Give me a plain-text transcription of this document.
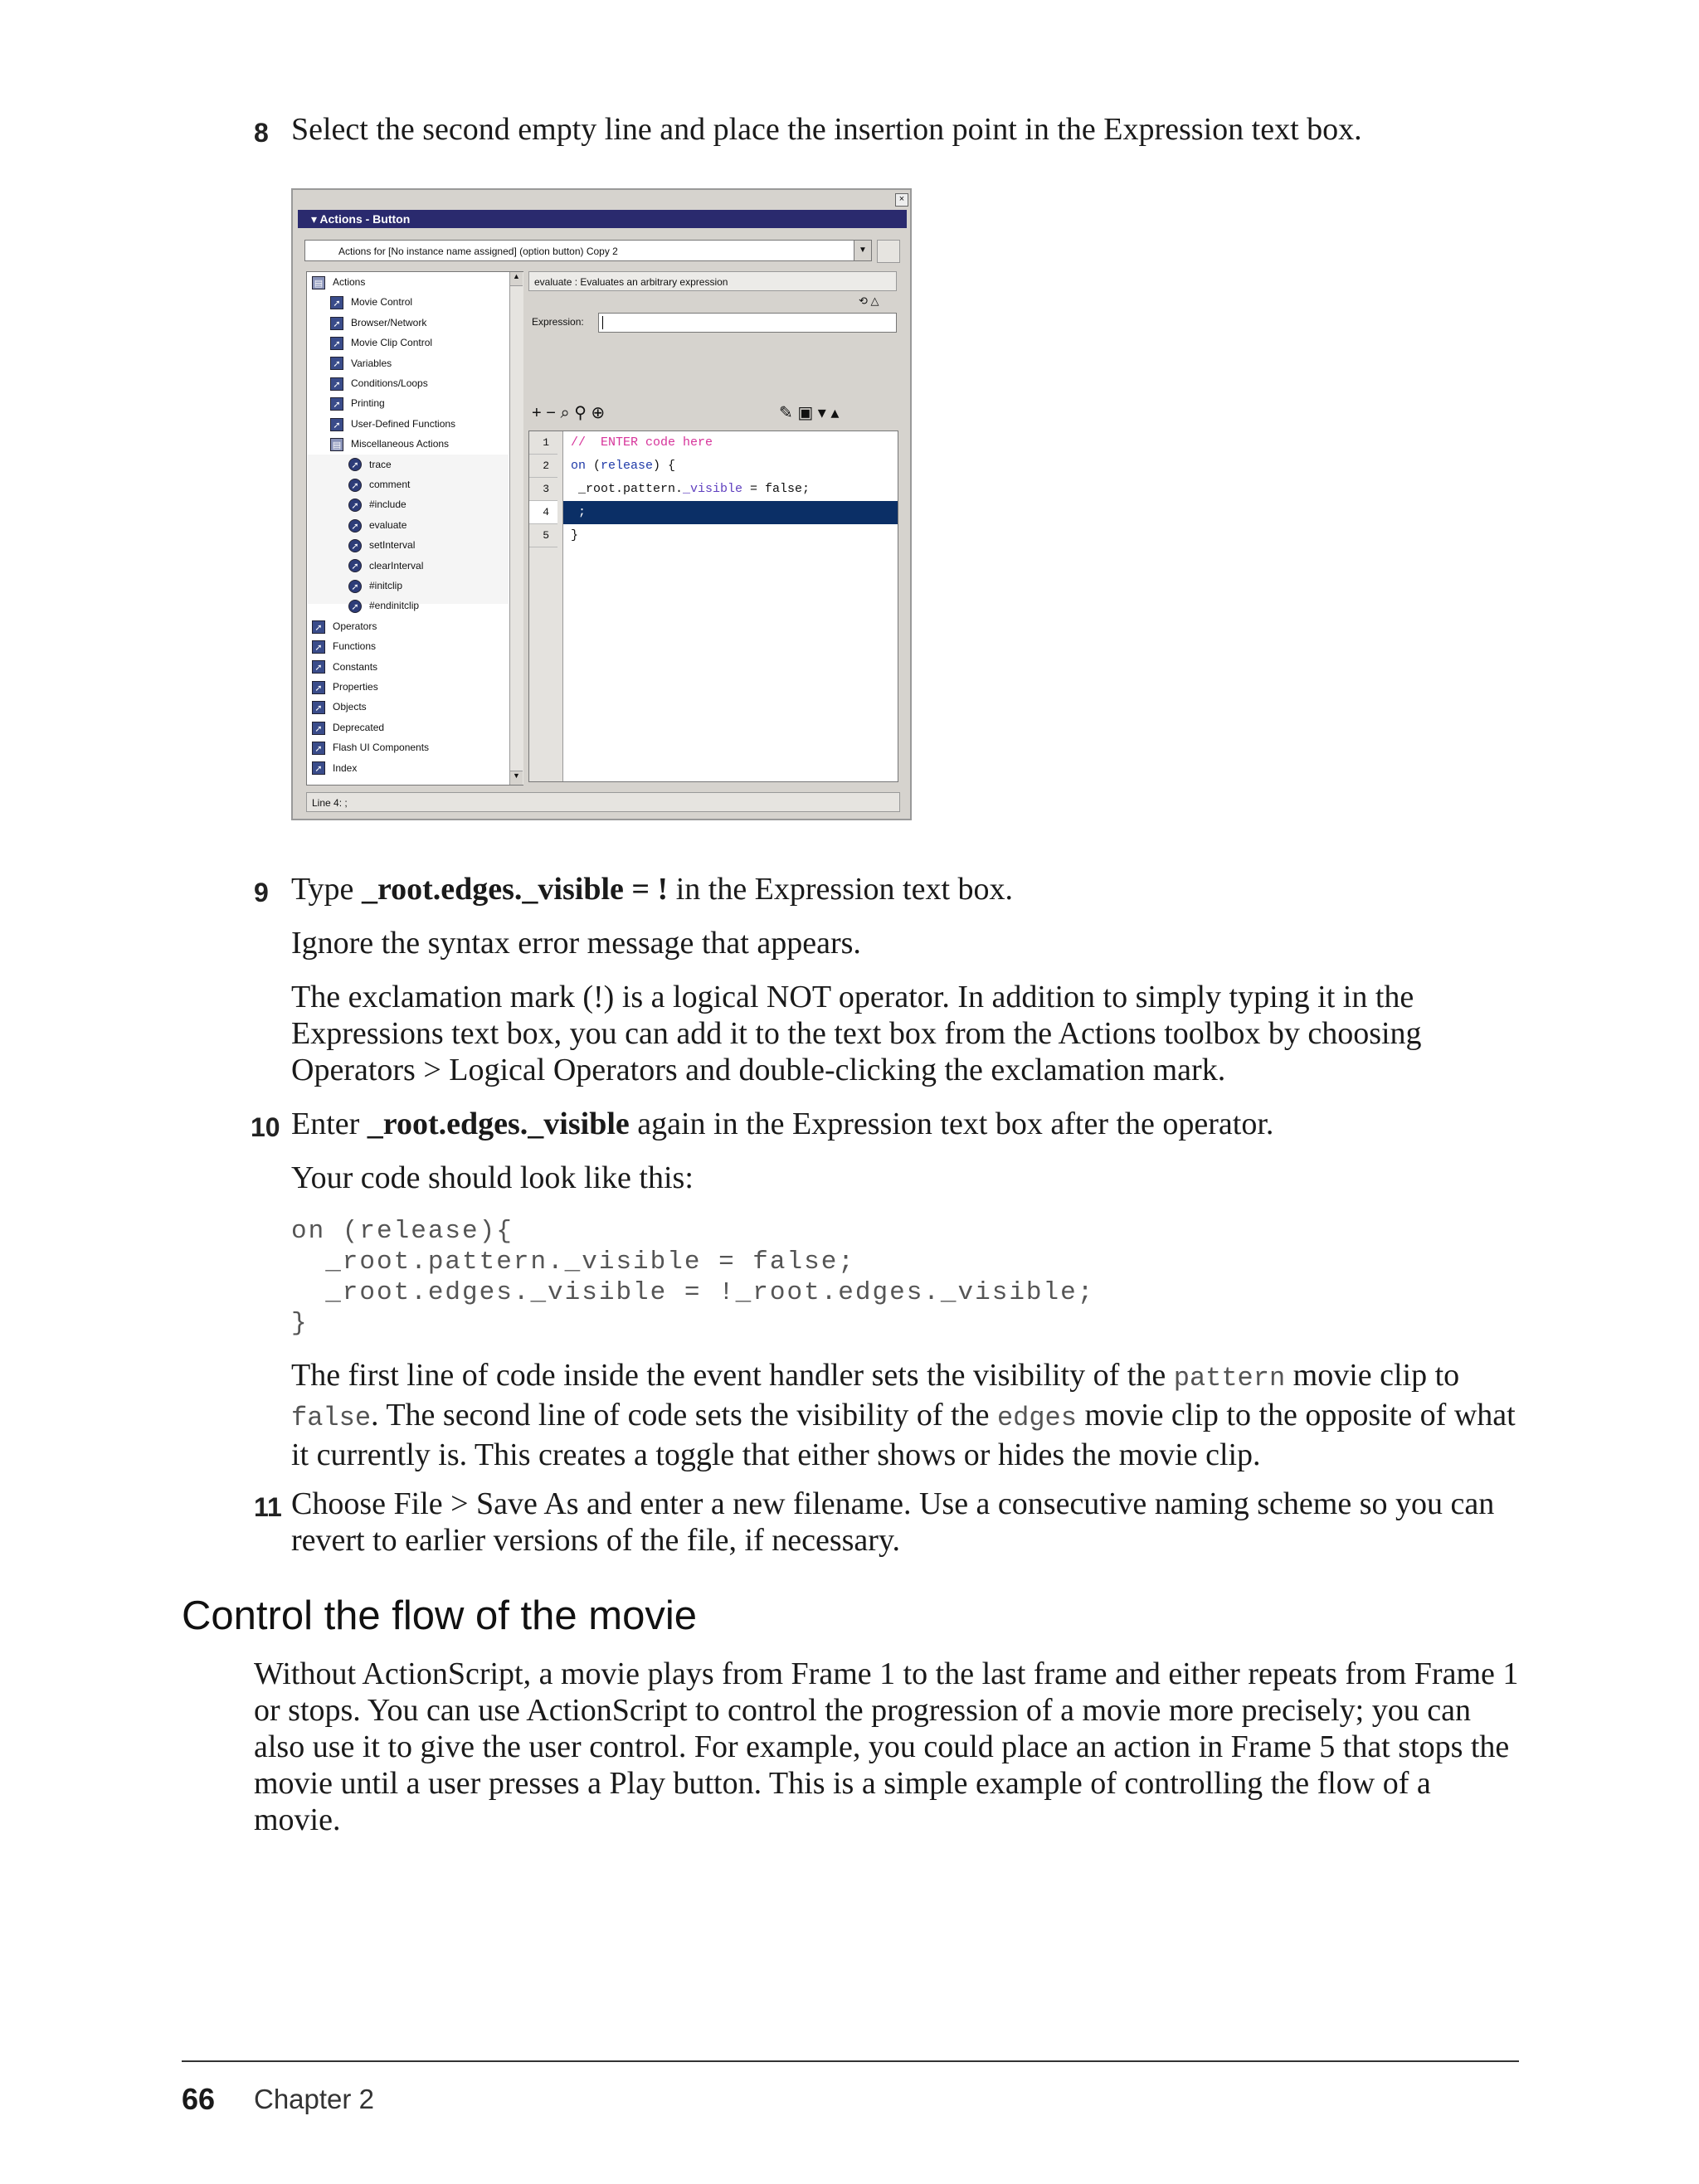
8 Select the second empty line and place the insertion point in the Expression text box.
▾ Actions - Button
×
Actions for [No instance name assigned] (option button) Copy 2	▼
▤ Actions
➚ Movie Control
➚ Browser/Network
➚ Movie Clip Control
➚ Variables
➚ Conditions/Loops
➚ Printing
➚ User-Defined Functions
▤ Miscellaneous Actions
➚ trace
➚ comment
➚ #include
➚ evaluate
➚ setInterval
➚ clearInterval
➚ #initclip
➚ #endinitclip
➚ Operators
➚ Functions
➚ Constants
➚ Properties
➚ Objects
➚ Deprecated
➚ Flash UI Components
➚ Index
▲
▼
evaluate : Evaluates an arbitrary expression
⟲ △
Expression:
+ − ⌕ ⚲ ⊕	✎ ▣ ▾ ▴
1
2
3
4
5
//  ENTER code here
on (release) {
_root.pattern._visible = false;
;
}
Line 4: ;
9 Type _root.edges._visible = ! in the Expression text box.
Ignore the syntax error message that appears.
The exclamation mark (!) is a logical NOT operator. In addition to simply typing it in the Expressions text box, you can add it to the text box from the Actions toolbox by choosing Operators > Logical Operators and double-clicking the exclamation mark.
10 Enter _root.edges._visible again in the Expression text box after the operator.
Your code should look like this:
on (release){
_root.pattern._visible = false;
_root.edges._visible = !_root.edges._visible;
}
The first line of code inside the event handler sets the visibility of the pattern movie clip to false. The second line of code sets the visibility of the edges movie clip to the opposite of what it currently is. This creates a toggle that either shows or hides the movie clip.
11 Choose File > Save As and enter a new filename. Use a consecutive naming scheme so you can revert to earlier versions of the file, if necessary.
Control the flow of the movie
Without ActionScript, a movie plays from Frame 1 to the last frame and either repeats from Frame 1 or stops. You can use ActionScript to control the progression of a movie more precisely; you can also use it to give the user control. For example, you could place an action in Frame 5 that stops the movie until a user presses a Play button. This is a simple example of controlling the flow of a movie.
66 Chapter 2
